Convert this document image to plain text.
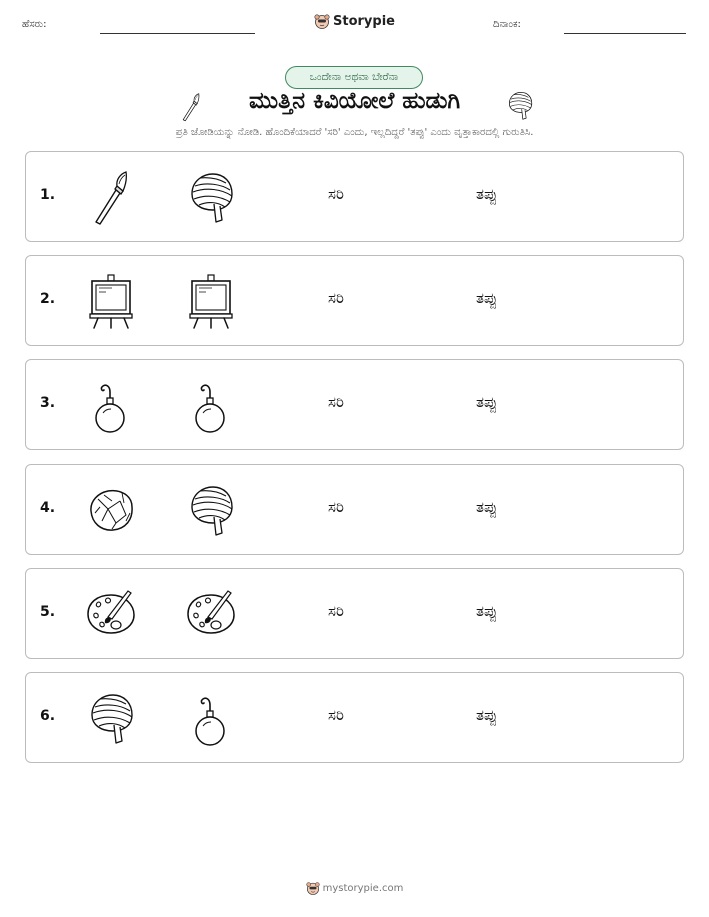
ಹೆಸರು:	Storypie	ದಿನಾಂಕ:
ಒಂದೇನಾ ಅಥವಾ ಬೇರೆನಾ
ಮುತ್ತಿನ ಕಿವಿಯೋಲೆ ಹುಡುಗಿ
ಪ್ರತಿ ಜೋಡಿಯನ್ನು ನೋಡಿ. ಹೊಂದಿಕೆಯಾದರೆ 'ಸರಿ' ಎಂದು, ಇಲ್ಲದಿದ್ದರೆ 'ತಪ್ಪು' ಎಂದು ವೃತ್ತಾಕಾರದಲ್ಲಿ ಗುರುತಿಸಿ.
1.	ಸರಿ	ತಪ್ಪು
2.	ಸರಿ	ತಪ್ಪು
3.	ಸರಿ	ತಪ್ಪು
4.	ಸರಿ	ತಪ್ಪು
5.	ಸರಿ	ತಪ್ಪು
6.	ಸರಿ	ತಪ್ಪು
mystorypie.com
